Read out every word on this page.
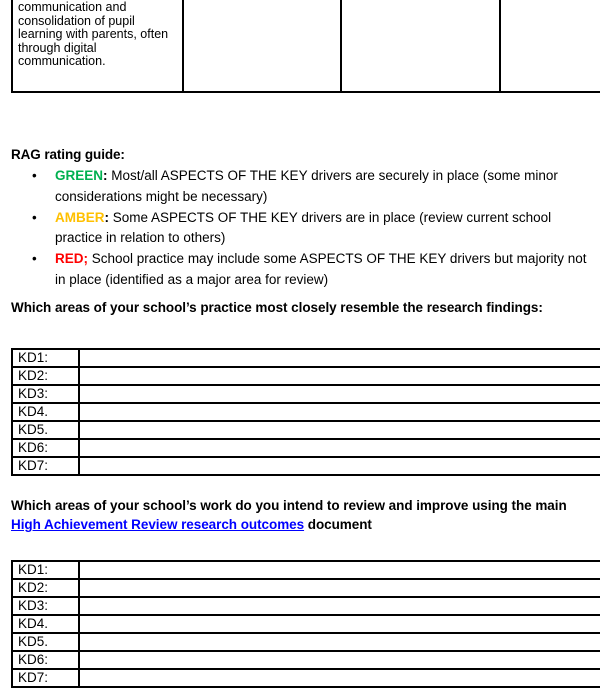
communication and consolidation of pupil learning with parents, often through digital communication.			
RAG rating guide:
• GREEN: Most/all ASPECTS OF THE KEY drivers are securely in place (some minor considerations might be necessary)
• AMBER: Some ASPECTS OF THE KEY drivers are in place (review current school practice in relation to others)
• RED; School practice may include some ASPECTS OF THE KEY drivers but majority not in place (identified as a major area for review)
Which areas of your school’s practice most closely resemble the research findings:
KD1:	
KD2:	
KD3:	
KD4.	
KD5.	
KD6:	
KD7:	
Which areas of your school’s work do you intend to review and improve using the main High Achievement Review research outcomes document
KD1:	
KD2:	
KD3:	
KD4.	
KD5.	
KD6:	
KD7:	
